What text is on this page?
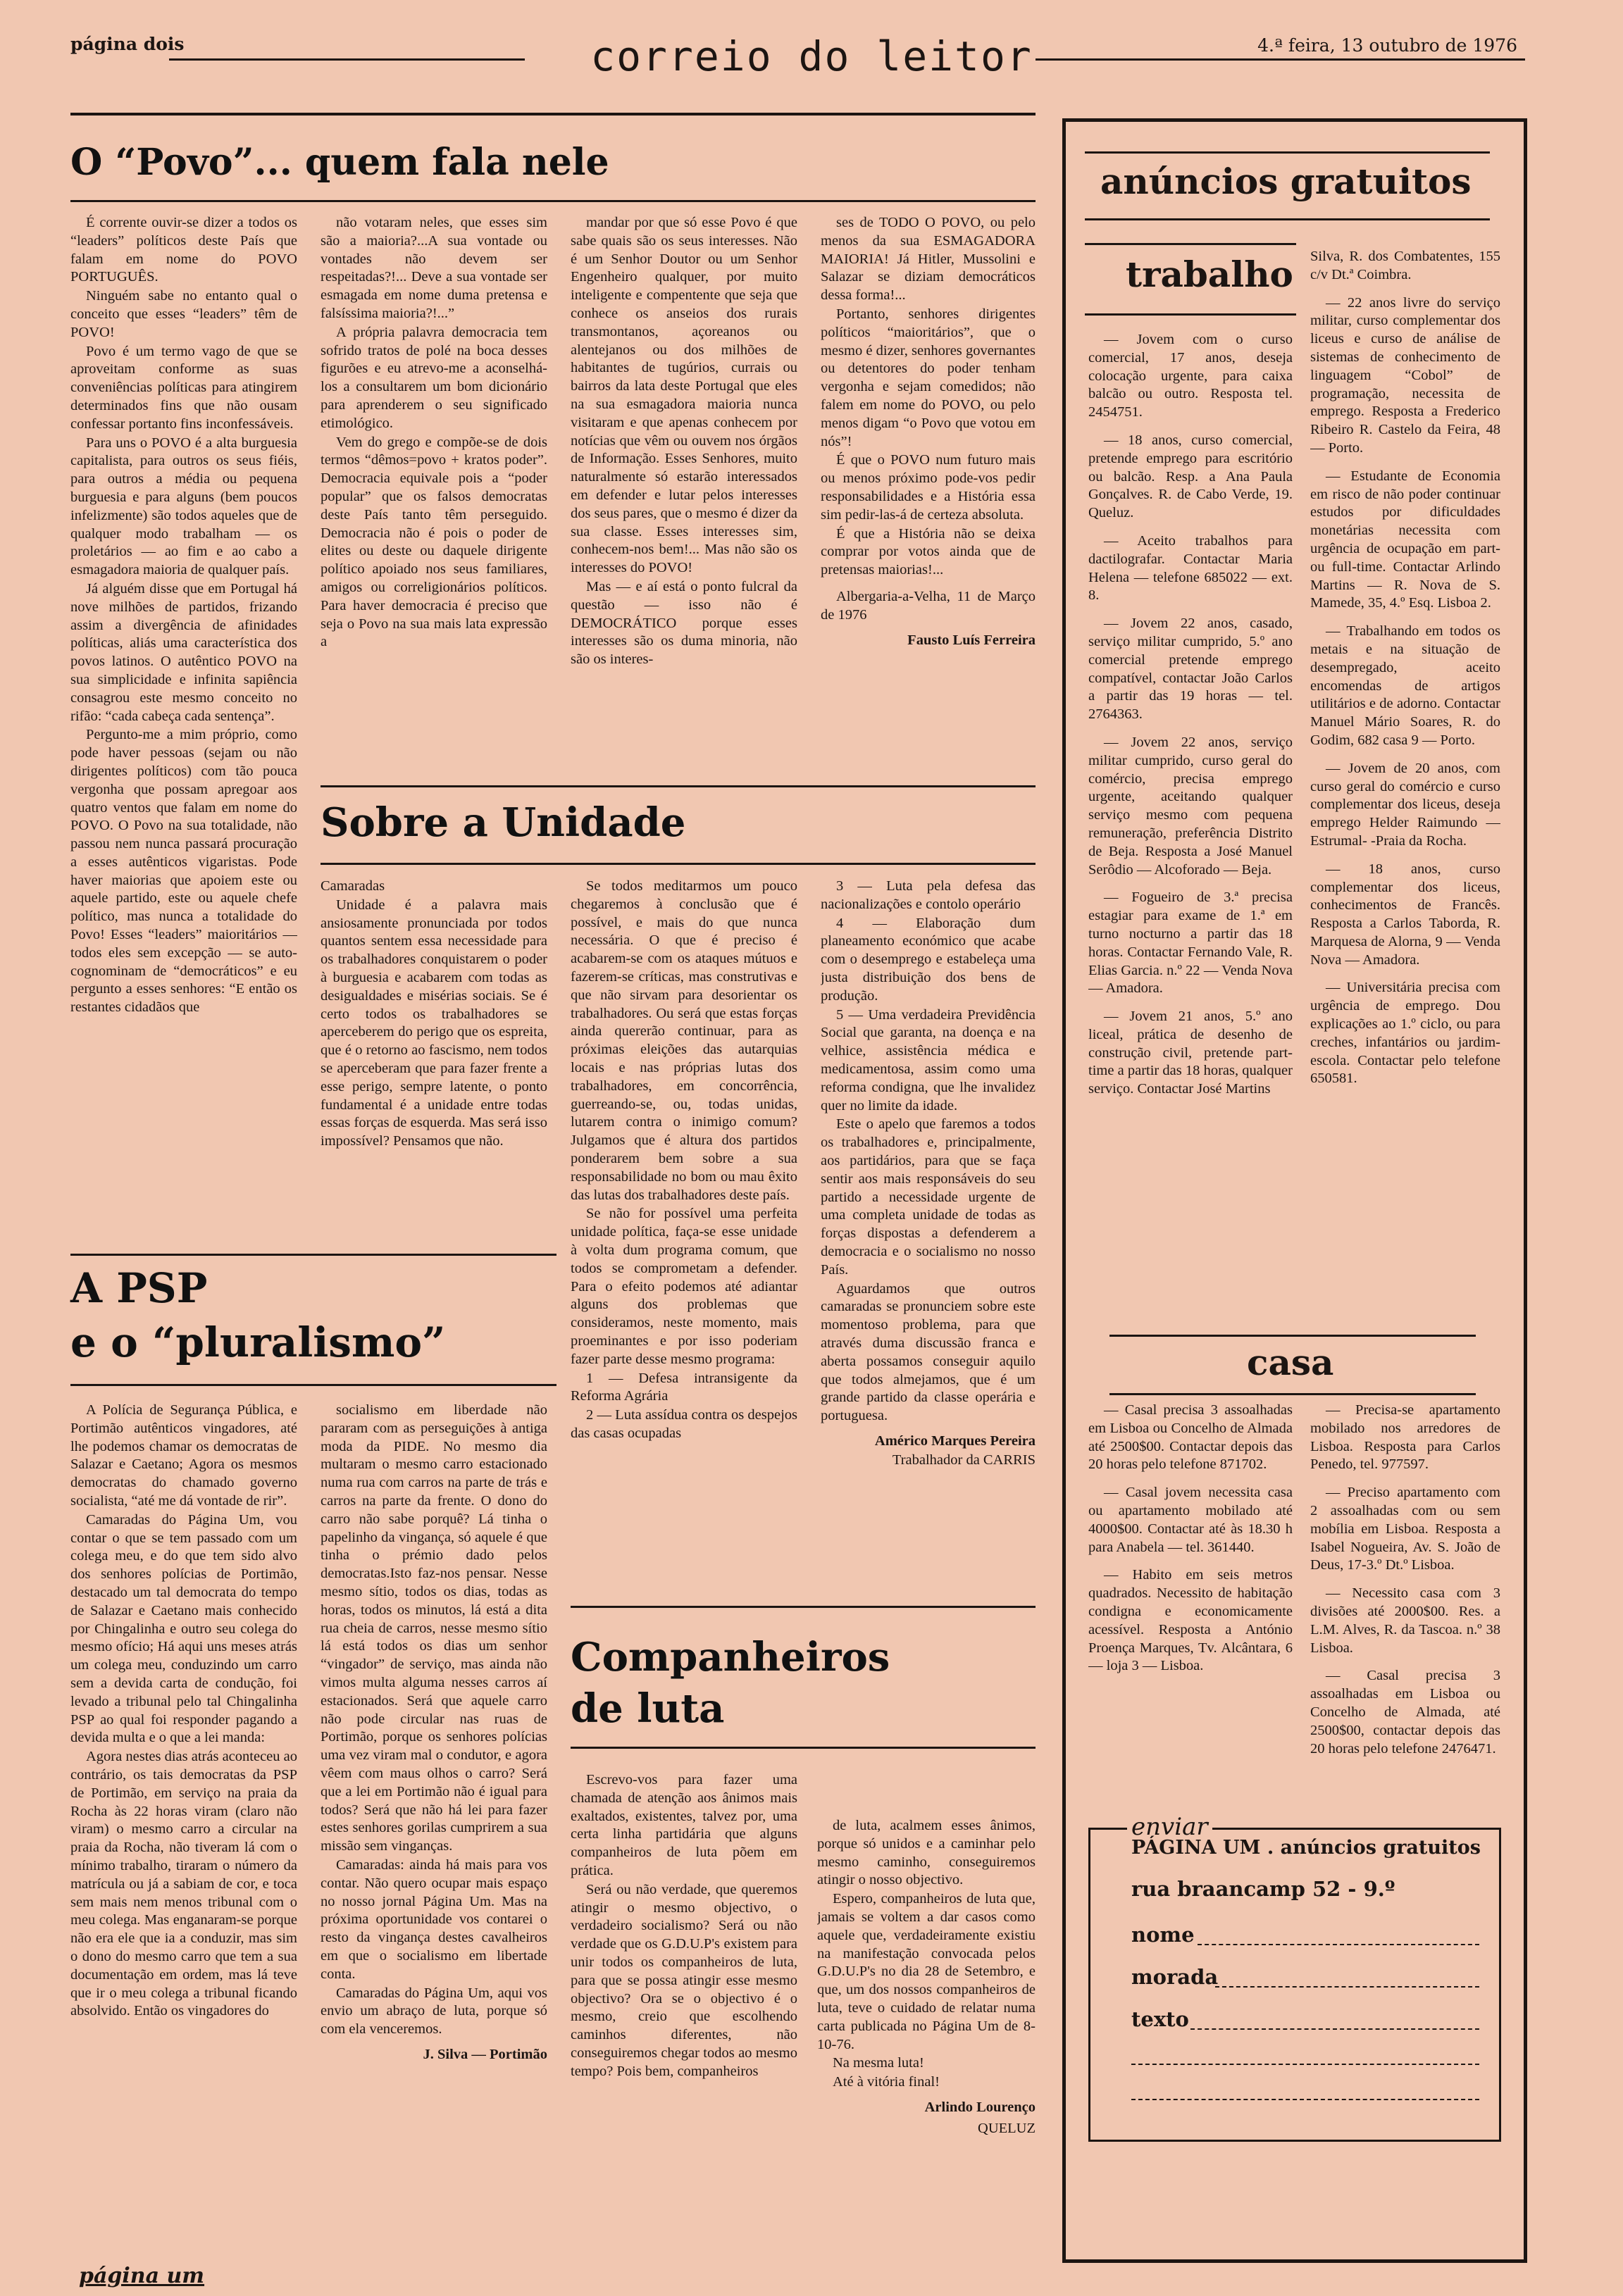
página dois	correio do leitor	4.ª feira, 13 outubro de 1976
O “Povo”... quem fala nele

É corrente ouvir-se dizer a todos os “leaders” políticos deste País que falam em nome do POVO PORTUGUÊS.

Ninguém sabe no entanto qual o conceito que esses “leaders” têm de POVO!

Povo é um termo vago de que se aproveitam conforme as suas conveniências políticas para atingirem determinados fins que não ousam confessar portanto fins inconfessáveis.

Para uns o POVO é a alta burguesia capitalista, para outros os seus fiéis, para outros a média ou pequena burguesia e para alguns (bem poucos infelizmente) são todos aqueles que de qualquer modo trabalham — os proletários — ao fim e ao cabo a esmagadora maioria de qualquer país.

Já alguém disse que em Portugal há nove milhões de partidos, frizando assim a divergência de afinidades políticas, aliás uma característica dos povos latinos. O autêntico POVO na sua simplicidade e infinita sapiência consagrou este mesmo conceito no rifão: “cada cabeça cada sentença”.

Pergunto-me a mim próprio, como pode haver pessoas (sejam ou não dirigentes políticos) com tão pouca vergonha que possam apregoar aos quatro ventos que falam em nome do POVO. O Povo na sua totalidade, não passou nem nunca passará procuração a esses autênticos vigaristas. Pode haver maiorias que apoiem este ou aquele partido, este ou aquele chefe político, mas nunca a totalidade do Povo! Esses “leaders” maioritários — todos eles sem excepção — se auto-cognominam de “democráticos” e eu pergunto a esses senhores: “E então os restantes cidadãos que

não votaram neles, que esses sim são a maioria?...A sua vontade ou vontades não devem ser respeitadas?!... Deve a sua vontade ser esmagada em nome duma pretensa e falsíssima maioria?!...”

A própria palavra democracia tem sofrido tratos de polé na boca desses figurões e eu atrevo-me a aconselhá-los a consultarem um bom dicionário para aprenderem o seu significado etimológico.

Vem do grego e compõe-se de dois termos “dêmos=povo + kratos poder”. Democracia equivale pois a “poder popular” que os falsos democratas deste País tanto têm perseguido. Democracia não é pois o poder de elites ou deste ou daquele dirigente político apoiado nos seus familiares, amigos ou correligionários políticos. Para haver democracia é preciso que seja o Povo na sua mais lata expressão a

mandar por que só esse Povo é que sabe quais são os seus interesses. Não é um Senhor Doutor ou um Senhor Engenheiro qualquer, por muito inteligente e compentente que seja que conhece os anseios dos rurais transmontanos, açoreanos ou alentejanos ou dos milhões de habitantes de tugúrios, currais ou bairros da lata deste Portugal que eles na sua esmagadora maioria nunca visitaram e que apenas conhecem por notícias que vêm ou ouvem nos órgãos de Informação. Esses Senhores, muito naturalmente só estarão interessados em defender e lutar pelos interesses dos seus pares, que o mesmo é dizer da sua classe. Esses interesses sim, conhecem-nos bem!... Mas não são os interesses do POVO!

Mas — e aí está o ponto fulcral da questão — isso não é DEMOCRÁTICO porque esses interesses são os duma minoria, não são os interes-

ses de TODO O POVO, ou pelo menos da sua ESMAGADORA MAIORIA! Já Hitler, Mussolini e Salazar se diziam democráticos dessa forma!...

Portanto, senhores dirigentes políticos “maioritários”, que o mesmo é dizer, senhores governantes ou detentores do poder tenham vergonha e sejam comedidos; não falem em nome do POVO, ou pelo menos digam “o Povo que votou em nós”!

É que o POVO num futuro mais ou menos próximo pode-vos pedir responsabilidades e a História essa sim pedir-las-á de certeza absoluta.

É que a História não se deixa comprar por votos ainda que de pretensas maiorias!...

Albergaria-a-Velha, 11 de Março de 1976

Fausto Luís Ferreira

Sobre a Unidade

Camaradas

Unidade é a palavra mais ansiosamente pronunciada por todos quantos sentem essa necessidade para os trabalhadores conquistarem o poder à burguesia e acabarem com todas as desigualdades e misérias sociais. Se é certo todos os trabalhadores se aperceberem do perigo que os espreita, que é o retorno ao fascismo, nem todos se aperceberam que para fazer frente a esse perigo, sempre latente, o ponto fundamental é a unidade entre todas essas forças de esquerda. Mas será isso impossível? Pensamos que não.

Se todos meditarmos um pouco chegaremos à conclusão que é possível, e mais do que nunca necessária. O que é preciso é acabarem-se com os ataques mútuos e fazerem-se críticas, mas construtivas e que não sirvam para desorientar os trabalhadores. Ou será que estas forças ainda quererão continuar, para as próximas eleições das autarquias locais e nas próprias lutas dos trabalhadores, em concorrência, guerreando-se, ou, todas unidas, lutarem contra o inimigo comum? Julgamos que é altura dos partidos ponderarem bem sobre a sua responsabilidade no bom ou mau êxito das lutas dos trabalhadores deste país.

Se não for possível uma perfeita unidade política, faça-se esse unidade à volta dum programa comum, que todos se comprometam a defender. Para o efeito podemos até adiantar alguns dos problemas que consideramos, neste momento, mais proeminantes e por isso poderiam fazer parte desse mesmo programa:

1 — Defesa intransigente da Reforma Agrária

2 — Luta assídua contra os despejos das casas ocupadas

3 — Luta pela defesa das nacionalizações e contolo operário

4 — Elaboração dum planeamento económico que acabe com o desemprego e estabeleça uma justa distribuição dos bens de produção.

5 — Uma verdadeira Previdência Social que garanta, na doença e na velhice, assistência médica e medicamentosa, assim como uma reforma condigna, que lhe invalidez quer no limite da idade.

Este o apelo que faremos a todos os trabalhadores e, principalmente, aos partidários, para que se faça sentir aos mais responsáveis do seu partido a necessidade urgente de uma completa unidade de todas as forças dispostas a defenderem a democracia e o socialismo no nosso País.

Aguardamos que outros camaradas se pronunciem sobre este momentoso problema, para que através duma discussão franca e aberta possamos conseguir aquilo que todos almejamos, que é um grande partido da classe operária e portuguesa.

Américo Marques Pereira

Trabalhador da CARRIS

A PSP
e o “pluralismo”

A Polícia de Segurança Pública, e Portimão autênticos vingadores, até lhe podemos chamar os democratas de Salazar e Caetano; Agora os mesmos democratas do chamado governo socialista, “até me dá vontade de rir”.

Camaradas do Página Um, vou contar o que se tem passado com um colega meu, e do que tem sido alvo dos senhores polícias de Portimão, destacado um tal democrata do tempo de Salazar e Caetano mais conhecido por Chingalinha e outro seu colega do mesmo ofício; Há aqui uns meses atrás um colega meu, conduzindo um carro sem a devida carta de condução, foi levado a tribunal pelo tal Chingalinha PSP ao qual foi responder pagando a devida multa e o que a lei manda:

Agora nestes dias atrás aconteceu ao contrário, os tais democratas da PSP de Portimão, em serviço na praia da Rocha às 22 horas viram (claro não viram) o mesmo carro a circular na praia da Rocha, não tiveram lá com o mínimo trabalho, tiraram o número da matrícula ou já a sabiam de cor, e toca sem mais nem menos tribunal com o meu colega. Mas enganaram-se porque não era ele que ia a conduzir, mas sim o dono do mesmo carro que tem a sua documentação em ordem, mas lá teve que ir o meu colega a tribunal ficando absolvido. Então os vingadores do

socialismo em liberdade não pararam com as perseguições à antiga moda da PIDE. No mesmo dia multaram o mesmo carro estacionado numa rua com carros na parte de trás e carros na parte da frente. O dono do carro não sabe porquê? Lá tinha o papelinho da vingança, só aquele é que tinha o prémio dado pelos democratas.Isto faz-nos pensar. Nesse mesmo sítio, todos os dias, todas as horas, todos os minutos, lá está a dita rua cheia de carros, nesse mesmo sítio lá está todos os dias um senhor “vingador” de serviço, mas ainda não vimos multa alguma nesses carros aí estacionados. Será que aquele carro não pode circular nas ruas de Portimão, porque os senhores polícias uma vez viram mal o condutor, e agora vêem com maus olhos o carro? Será que a lei em Portimão não é igual para todos? Será que não há lei para fazer estes senhores gorilas cumprirem a sua missão sem vinganças.

Camaradas: ainda há mais para vos contar. Não quero ocupar mais espaço no nosso jornal Página Um. Mas na próxima oportunidade vos contarei o resto da vingança destes cavalheiros em que o socialismo em libertade conta.

Camaradas do Página Um, aqui vos envio um abraço de luta, porque só com ela venceremos.

J. Silva — Portimão

Companheiros
de luta

Escrevo-vos para fazer uma chamada de atenção aos ânimos mais exaltados, existentes, talvez por, uma certa linha partidária que alguns companheiros de luta põem em prática.

Será ou não verdade, que queremos atingir o mesmo objectivo, o verdadeiro socialismo? Será ou não verdade que os G.D.U.P's existem para unir todos os companheiros de luta, para que se possa atingir esse mesmo objectivo? Ora se o objectivo é o mesmo, creio que escolhendo caminhos diferentes, não conseguiremos chegar todos ao mesmo tempo? Pois bem, companheiros

de luta, acalmem esses ânimos, porque só unidos e a caminhar pelo mesmo caminho, conseguiremos atingir o nosso objectivo.

Espero, companheiros de luta que, jamais se voltem a dar casos como aquele que, verdadeiramente existiu na manifestação convocada pelos G.D.U.P's no dia 28 de Setembro, e que, um dos nossos companheiros de luta, teve o cuidado de relatar numa carta publicada no Página Um de 8-10-76.

Na mesma luta!

Até à vitória final!

Arlindo Lourenço

QUELUZ

anúncios gratuitos
trabalho

— Jovem com o curso comercial, 17 anos, deseja colocação urgente, para caixa balcão ou outro. Resposta tel. 2454751.

— 18 anos, curso comercial, pretende emprego para escritório ou balcão. Resp. a Ana Paula Gonçalves. R. de Cabo Verde, 19. Queluz.

— Aceito trabalhos para dactilografar. Contactar Maria Helena — telefone 685022 — ext. 8.

— Jovem 22 anos, casado, serviço militar cumprido, 5.º ano comercial pretende emprego compatível, contactar João Carlos a partir das 19 horas — tel. 2764363.

— Jovem 22 anos, serviço militar cumprido, curso geral do comércio, precisa emprego urgente, aceitando qualquer serviço mesmo com pequena remuneração, preferência Distrito de Beja. Resposta a José Manuel Serôdio — Alcoforado — Beja.

— Fogueiro de 3.ª precisa estagiar para exame de 1.ª em turno nocturno a partir das 18 horas. Contactar Fernando Vale, R. Elias Garcia. n.º 22 — Venda Nova — Amadora.

— Jovem 21 anos, 5.º ano liceal, prática de desenho de construção civil, pretende part-time a partir das 18 horas, qualquer serviço. Contactar José Martins

Silva, R. dos Combatentes, 155 c/v Dt.ª Coimbra.

— 22 anos livre do serviço militar, curso complementar dos liceus e curso de análise de sistemas de conhecimento de linguagem “Cobol” de programação, necessita de emprego. Resposta a Frederico Ribeiro R. Castelo da Feira, 48 — Porto.

— Estudante de Economia em risco de não poder continuar estudos por dificuldades monetárias necessita com urgência de ocupação em part- ou full-time. Contactar Arlindo Martins — R. Nova de S. Mamede, 35, 4.º Esq. Lisboa 2.

— Trabalhando em todos os metais e na situação de desempregado, aceito encomendas de artigos utilitários e de adorno. Contactar Manuel Mário Soares, R. do Godim, 682 casa 9 — Porto.

— Jovem de 20 anos, com curso geral do comércio e curso complementar dos liceus, deseja emprego Helder Raimundo — Estrumal- -Praia da Rocha.

— 18 anos, curso complementar dos liceus, conhecimentos de Francês. Resposta a Carlos Taborda, R. Marquesa de Alorna, 9 — Venda Nova — Amadora.

— Universitária precisa com urgência de emprego. Dou explicações ao 1.º ciclo, ou para creches, infantários ou jardim-escola. Contactar pelo telefone 650581.

casa

— Casal precisa 3 assoalhadas em Lisboa ou Concelho de Almada até 2500$00. Contactar depois das 20 horas pelo telefone 871702.

— Casal jovem necessita casa ou apartamento mobilado até 4000$00. Contactar até às 18.30 h para Anabela — tel. 361440.

— Habito em seis metros quadrados. Necessito de habitação condigna e economicamente acessível. Resposta a António Proença Marques, Tv. Alcântara, 6 — loja 3 — Lisboa.

— Precisa-se apartamento mobilado nos arredores de Lisboa. Resposta para Carlos Penedo, tel. 977597.

— Preciso apartamento com 2 assoalhadas com ou sem mobília em Lisboa. Resposta a Isabel Nogueira, Av. S. João de Deus, 17-3.º Dt.º Lisboa.

— Necessito casa com 3 divisões até 2000$00. Res. a L.M. Alves, R. da Tascoa. n.º 38 Lisboa.

— Casal precisa 3 assoalhadas em Lisboa ou Concelho de Almada, até 2500$00, contactar depois das 20 horas pelo telefone 2476471.

enviar
PÁGINA UM . anúncios gratuitos
rua braancamp 52 - 9.º
nome
morada
texto
página um
